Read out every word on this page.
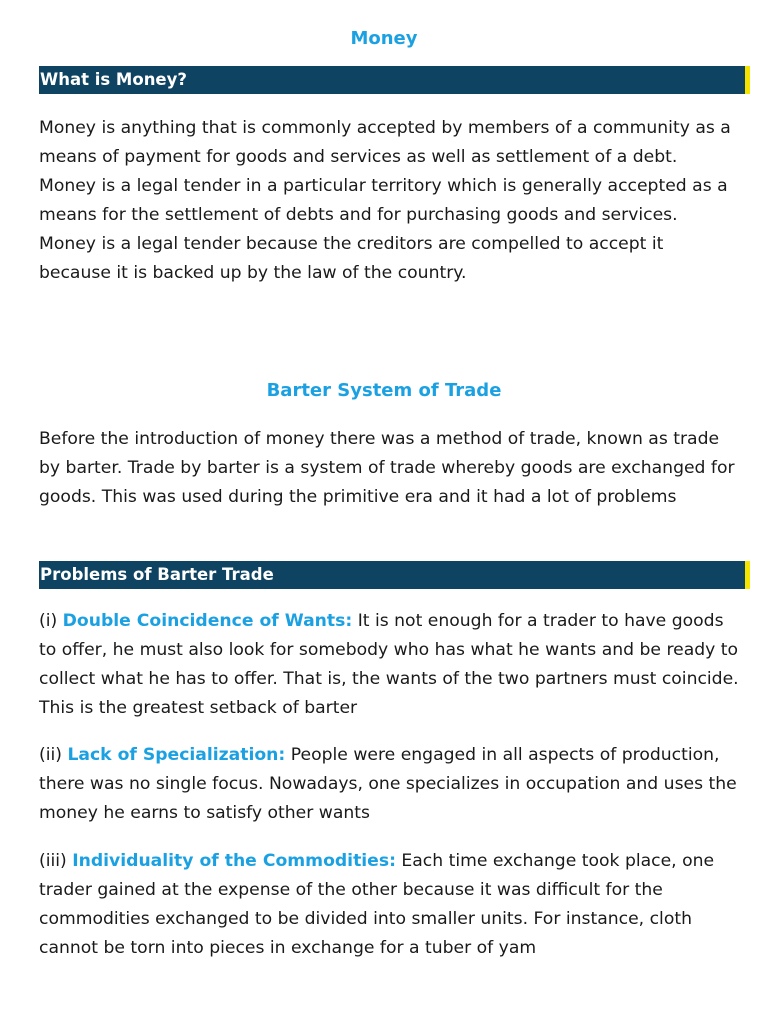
Money
What is Money?

Money is anything that is commonly accepted by members of a community as a means of payment for goods and services as well as settlement of a debt. Money is a legal tender in a particular territory which is generally accepted as a means for the settlement of debts and for purchasing goods and services. Money is a legal tender because the creditors are compelled to accept it because it is backed up by the law of the country.

Barter System of Trade

Before the introduction of money there was a method of trade, known as trade by barter. Trade by barter is a system of trade whereby goods are exchanged for goods. This was used during the primitive era and it had a lot of problems

Problems of Barter Trade

(i) Double Coincidence of Wants: It is not enough for a trader to have goods to offer, he must also look for somebody who has what he wants and be ready to collect what he has to offer. That is, the wants of the two partners must coincide. This is the greatest setback of barter

(ii) Lack of Specialization: People were engaged in all aspects of production, there was no single focus. Nowadays, one specializes in occupation and uses the money he earns to satisfy other wants

(iii) Individuality of the Commodities: Each time exchange took place, one trader gained at the expense of the other because it was difficult for the commodities exchanged to be divided into smaller units. For instance, cloth cannot be torn into pieces in exchange for a tuber of yam
